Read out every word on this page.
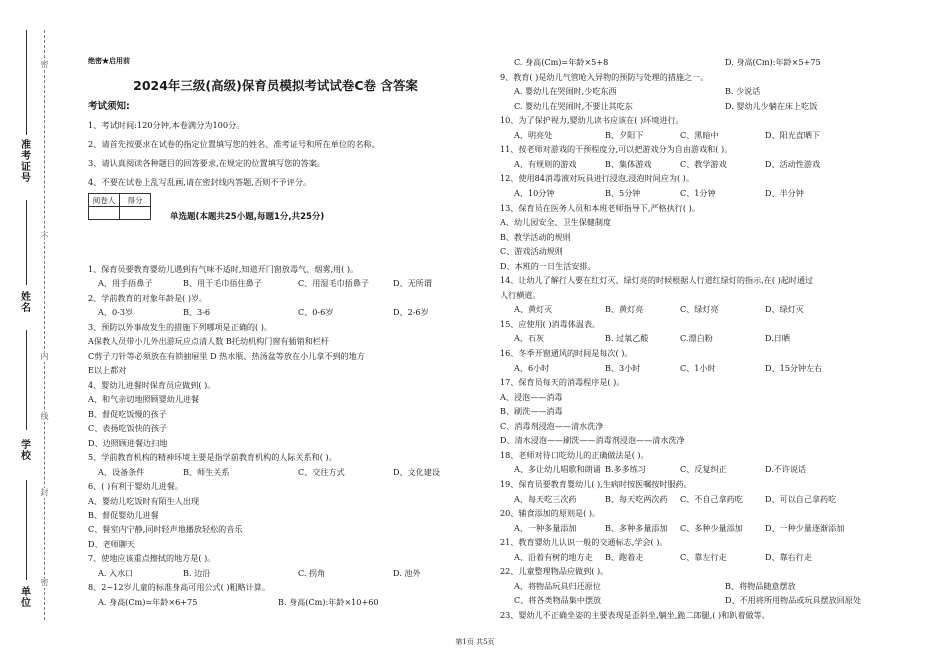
准考证号
姓名
学校
单位
密
不
内
线
封
密
绝密★启用前
2024年三级(高级)保育员模拟考试试卷C卷 含答案
考试须知:
1、考试时间:120分钟,本卷满分为100分。
2、请首先按要求在试卷的指定位置填写您的姓名、准考证号和所在单位的名称。
3、请认真阅读各种题目的回答要求,在规定的位置填写您的答案。
4、不要在试卷上乱写乱画,请在密封线内答题,否则不予评分。
阅卷人	得分

单选题(本题共25小题,每题1分,共25分)
1、保育员要教育婴幼儿遇到有气味不适时,知道开门窗放毒气、烟雾,用( )。
A、用手捂鼻子	B、用干毛巾捂住鼻子	C、用湿毛巾捂鼻子	D、无所谓
2、学前教育的对象年龄是( )岁。
A、0-3岁	B、3-6	C、0-6岁	D、2-6岁
3、预防以外事故发生的措施下列哪项是正确的( )。
A保教人员带小儿外出游玩应点清人数 B托幼机构门窗有插销和栏杆
C剪子刀针等必须放在有锁抽屉里 D 热水瓶、热汤盆等放在小儿拿不到的地方
E以上都对
4、婴幼儿进餐时保育员应做到( )。
A、和气亲切地照顾婴幼儿进餐
B、督促吃饭慢的孩子
C、表扬吃饭快的孩子
D、边照顾进餐边扫地
5、学前教育机构的精神环境主要是指学前教育机构的人际关系和( )。
A、设备条件	B、师生关系	C、交往方式	D、文化建设
6、( )有利于婴幼儿进餐。
A、婴幼儿吃饭时有陌生人出现
B、督促婴幼儿进餐
C、餐室内宁静,同时轻声地播放轻松的音乐
D、老师聊天
7、使地应该重点擦拭的地方是( )。
A. 入水口	B. 边沿	C. 拐角	D. 池外
8、2~12岁儿童的标准身高可用公式( )粗略计算。
A. 身高(Cm)=年龄×6+75	B. 身高(Cm):年龄×10+60
C. 身高(Cm)=年龄×5+8	D. 身高(Cm):年龄×5+75
9、教育( )是幼儿气管呛入异物的预防与处理的措施之一。
A. 婴幼儿在哭闹时,少吃东西	B. 少说话
C. 婴幼儿在哭闹时,不要让其吃东	D. 婴幼儿少躺在床上吃饭
10、为了保护视力,婴幼儿读书应该在( )环境进行。
A、明亮处	B、夕阳下	C、黑暗中	D、阳光直晒下
11、按老师对游戏的干预程度分,可以把游戏分为自由游戏和( )。
A、有规则的游戏	B、集体游戏	C、教学游戏	D、活动性游戏
12、使用84消毒液对玩具进行浸泡,浸泡时间应为( )。
A、10分钟	B、5分钟	C、1分钟	D、半分钟
13、保育员在医务人员和本班老师指导下,严格执行( )。
A、幼儿园安全、卫生保健制度
B、教学活动的规则
C、游戏活动规则
D、本班的一日生活安排。
14、让幼儿了解行人要在红灯灭、绿灯亮的时候根据人行道红绿灯的指示,在( )起时通过
人行横道。
A、黄灯灭	B、黄灯亮	C、绿灯亮	D、绿灯灭
15、应使用( )消毒体温表。
A、石灰	B. 过氧乙酸	C.漂白粉	D.日晒
16、冬季开窗通风的时间是每次( )。
A、6小时	B、3小时	C、1小时	D、15分钟左右
17、保育员每天的消毒程序是( )。
A、浸泡——消毒
B、刷洗——消毒
C、消毒剂浸泡——清水洗净
D、清水浸泡——刷洗——消毒剂浸泡——清水洗净
18、老师对待口吃幼儿的正确做法是( )。
A、多让幼儿唱歌和朗诵 B.多多练习	C、反复纠正	D.不许说话
19、保育员要教育婴幼儿( ),生病时按医嘱按时服药。
A、每天吃三次药	B、每天吃两次药 C、不自己拿药吃	D、可以自己拿药吃
20、辅食添加的原则是( )。
A、一种多量添加	B、多种多量添加 C、多种少量添加	D、一种少量逐渐添加
21、教育婴幼儿认识一般的交通标志,学会( )。
A、沿着有树的地方走 B、跑着走	C、靠左行走	D、靠右行走
22、儿童整理物品应做到( )。
A、将物品玩具归还原位	B、将物品随意摆放
C、将各类物品集中摆放	D、不用将所用物品或玩具摆放回原处
23、婴幼儿不正确坐姿的主要表现是歪斜坐,躺坐,跪二郎腿,( )和趴着做等。
第1页 共5页
